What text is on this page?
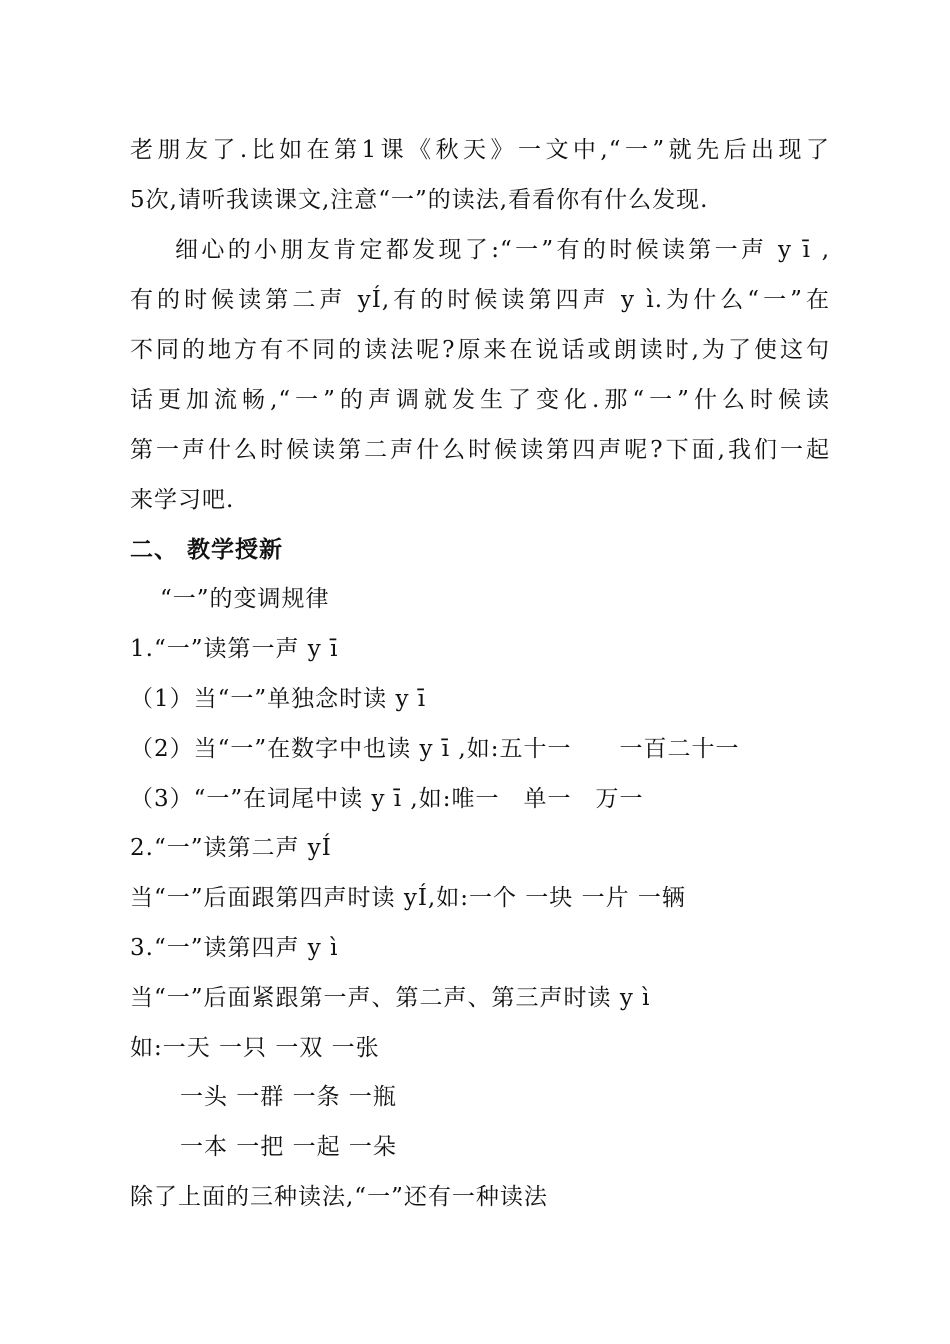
老朋友了.比如在第1课《秋天》一文中,“一”就先后出现了
5次,请听我读课文,注意“一”的读法,看看你有什么发现.
细心的小朋友肯定都发现了:“一”有的时候读第一声 y ī ,
有的时候读第二声 yÍ,有的时候读第四声 y ì.为什么“一”在
不同的地方有不同的读法呢?原来在说话或朗读时,为了使这句
话更加流畅,“一”的声调就发生了变化.那“一”什么时候读
第一声什么时候读第二声什么时候读第四声呢?下面,我们一起
来学习吧.
二、 教学授新
“一”的变调规律
1.“一”读第一声 y ī
（1）当“一”单独念时读 y ī
（2）当“一”在数字中也读 y ī ,如:五十一　　一百二十一
（3）“一”在词尾中读 y ī ,如:唯一　单一　万一
2.“一”读第二声 yÍ
当“一”后面跟第四声时读 yÍ,如:一个 一块 一片 一辆
3.“一”读第四声 y ì
当“一”后面紧跟第一声、第二声、第三声时读 y ì
如:一天 一只 一双 一张
一头 一群 一条 一瓶
一本 一把 一起 一朵
除了上面的三种读法,“一”还有一种读法
